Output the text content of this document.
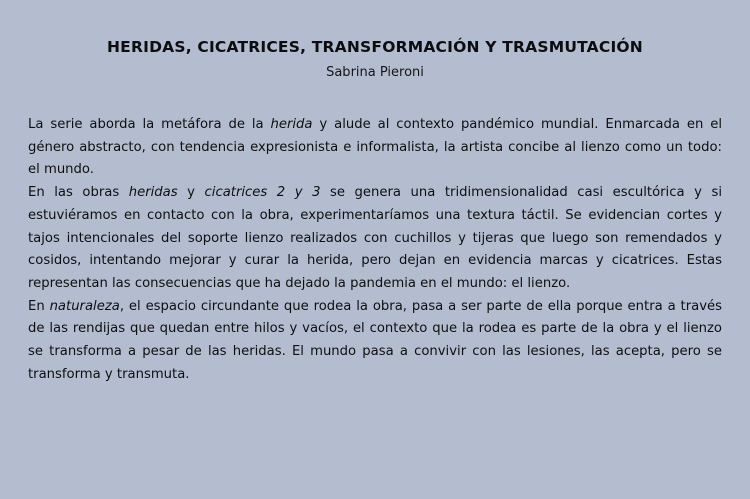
HERIDAS, CICATRICES, TRANSFORMACIÓN Y TRASMUTACIÓN
Sabrina Pieroni

La serie aborda la metáfora de la herida y alude al contexto pandémico mundial. Enmarcada en el género abstracto, con tendencia expresionista e informalista, la artista concibe al lienzo como un todo: el mundo.

En las obras heridas y cicatrices 2 y 3 se genera una tridimensionalidad casi escultórica y si estuviéramos en contacto con la obra, experimentaríamos una textura táctil. Se evidencian cortes y tajos intencionales del soporte lienzo realizados con cuchillos y tijeras que luego son remendados y cosidos, intentando mejorar y curar la herida, pero dejan en evidencia marcas y cicatrices. Estas representan las consecuencias que ha dejado la pandemia en el mundo: el lienzo.

En naturaleza, el espacio circundante que rodea la obra, pasa a ser parte de ella porque entra a través de las rendijas que quedan entre hilos y vacíos, el contexto que la rodea es parte de la obra y el lienzo se transforma a pesar de las heridas. El mundo pasa a convivir con las lesiones, las acepta, pero se transforma y transmuta.
